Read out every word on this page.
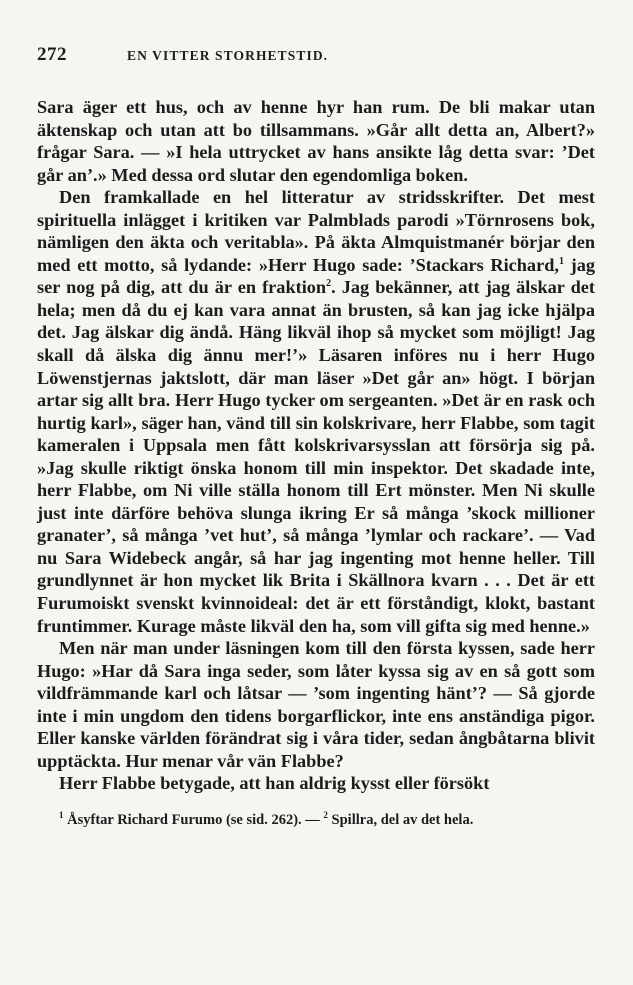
272	EN VITTER STORHETSTID.

Sara äger ett hus, och av henne hyr han rum. De bli makar utan äktenskap och utan att bo tillsammans. »Går allt detta an, Albert?» frågar Sara. — »I hela uttrycket av hans ansikte låg detta svar: ’Det går an’.» Med dessa ord slutar den egendomliga boken.

Den framkallade en hel litteratur av stridsskrifter. Det mest spirituella inlägget i kritiken var Palmblads parodi »Törnrosens bok, nämligen den äkta och veritabla». På äkta Almquistmanér börjar den med ett motto, så lydande: »Herr Hugo sade: ’Stackars Richard,$^1$ jag ser nog på dig, att du är en fraktion$^2$. Jag bekänner, att jag älskar det hela; men då du ej kan vara annat än brusten, så kan jag icke hjälpa det. Jag älskar dig ändå. Häng likväl ihop så mycket som möjligt! Jag skall då älska dig ännu mer!’» Läsaren införes nu i herr Hugo Löwenstjernas jaktslott, där man läser »Det går an» högt. I början artar sig allt bra. Herr Hugo tycker om sergeanten. »Det är en rask och hurtig karl», säger han, vänd till sin kolskrivare, herr Flabbe, som tagit kameralen i Uppsala men fått kolskrivarsysslan att försörja sig på. »Jag skulle riktigt önska honom till min inspektor. Det skadade inte, herr Flabbe, om Ni ville ställa honom till Ert mönster. Men Ni skulle just inte därföre behöva slunga ikring Er så många ’skock millioner granater’, så många ’vet hut’, så många ’lymlar och rackare’. — Vad nu Sara Widebeck angår, så har jag ingenting mot henne heller. Till grundlynnet är hon mycket lik Brita i Skällnora kvarn . . . Det är ett Furumoiskt svenskt kvinnoideal: det är ett förståndigt, klokt, bastant fruntimmer. Kurage måste likväl den ha, som vill gifta sig med henne.»

Men när man under läsningen kom till den första kyssen, sade herr Hugo: »Har då Sara inga seder, som låter kyssa sig av en så gott som vildfrämmande karl och låtsar — ’som ingenting hänt’? — Så gjorde inte i min ungdom den tidens borgarflickor, inte ens anständiga pigor. Eller kanske världen förändrat sig i våra tider, sedan ångbåtarna blivit upptäckta. Hur menar vår vän Flabbe?

Herr Flabbe betygade, att han aldrig kysst eller försökt

$^1$ Åsyftar Richard Furumo (se sid. 262). — $^2$ Spillra, del av det hela.
